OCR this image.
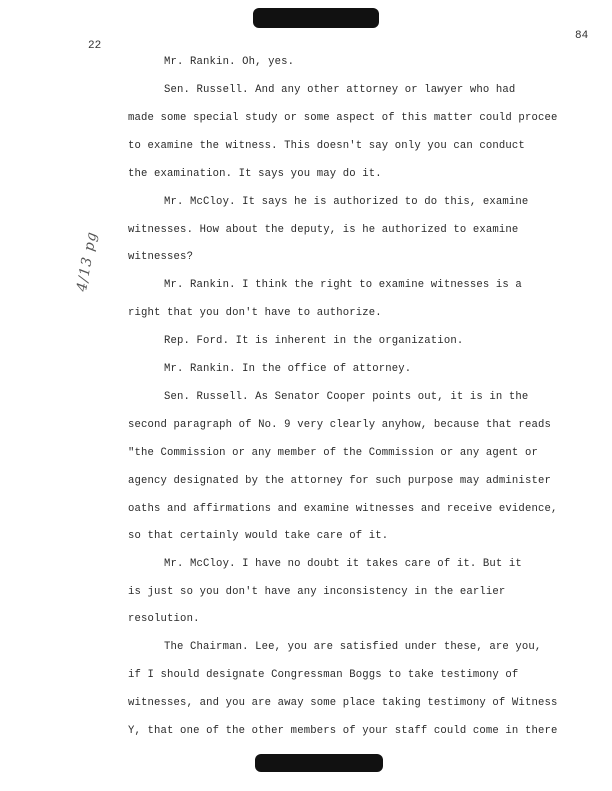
22
84
4/13 pg
Mr. Rankin. Oh, yes.
Sen. Russell. And any other attorney or lawyer who had
made some special study or some aspect of this matter could procee
to examine the witness. This doesn't say only you can conduct
the examination. It says you may do it.
Mr. McCloy. It says he is authorized to do this, examine
witnesses. How about the deputy, is he authorized to examine
witnesses?
Mr. Rankin. I think the right to examine witnesses is a
right that you don't have to authorize.
Rep. Ford. It is inherent in the organization.
Mr. Rankin. In the office of attorney.
Sen. Russell. As Senator Cooper points out, it is in the
second paragraph of No. 9 very clearly anyhow, because that reads
"the Commission or any member of the Commission or any agent or
agency designated by the attorney for such purpose may administer
oaths and affirmations and examine witnesses and receive evidence,
so that certainly would take care of it.
Mr. McCloy. I have no doubt it takes care of it. But it
is just so you don't have any inconsistency in the earlier
resolution.
The Chairman. Lee, you are satisfied under these, are you,
if I should designate Congressman Boggs to take testimony of
witnesses, and you are away some place taking testimony of Witness
Y, that one of the other members of your staff could come in there
